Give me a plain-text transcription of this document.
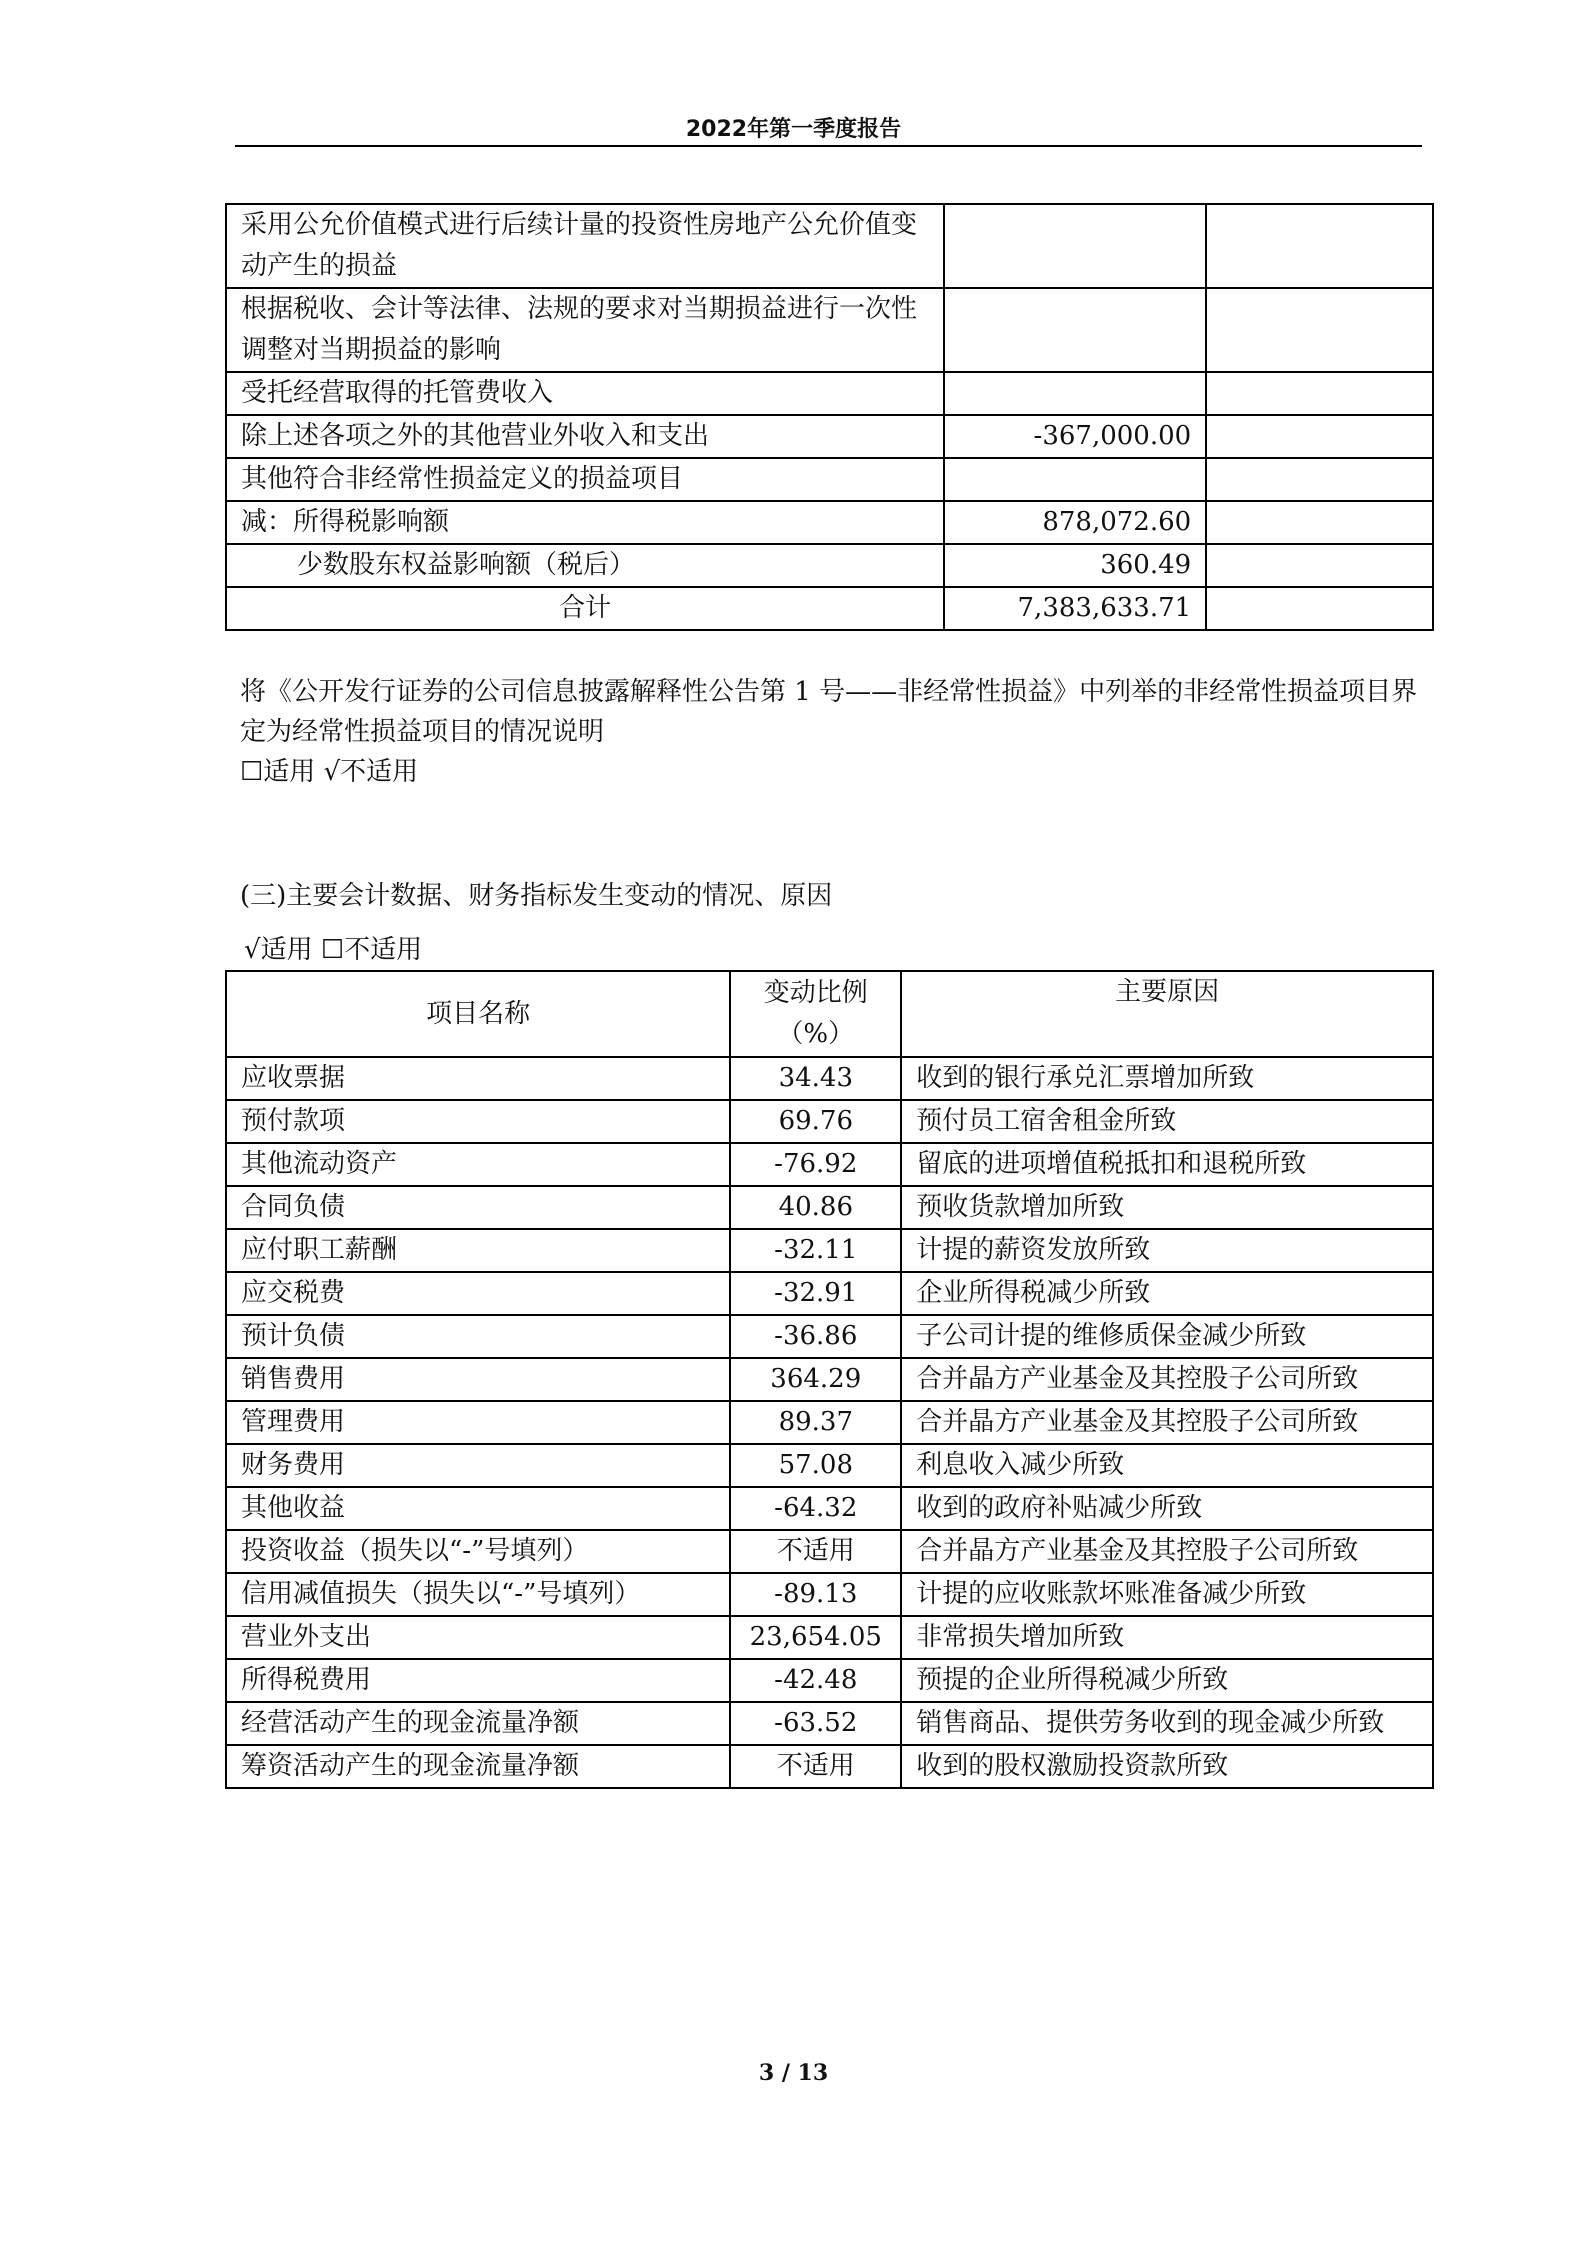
2022年第一季度报告
采用公允价值模式进行后续计量的投资性房地产公允价值变动产生的损益		
根据税收、会计等法律、法规的要求对当期损益进行一次性调整对当期损益的影响		
受托经营取得的托管费收入		
除上述各项之外的其他营业外收入和支出	-367,000.00	
其他符合非经常性损益定义的损益项目		
减：所得税影响额	878,072.60	
少数股东权益影响额（税后）	360.49	
合计	7,383,633.71	
将《公开发行证券的公司信息披露解释性公告第 1 号——非经常性损益》中列举的非经常性损益项目界定为经常性损益项目的情况说明
☐适用 √不适用
(三)主要会计数据、财务指标发生变动的情况、原因
√适用 ☐不适用
项目名称	变动比例（%）	主要原因
应收票据	34.43	收到的银行承兑汇票增加所致
预付款项	69.76	预付员工宿舍租金所致
其他流动资产	-76.92	留底的进项增值税抵扣和退税所致
合同负债	40.86	预收货款增加所致
应付职工薪酬	-32.11	计提的薪资发放所致
应交税费	-32.91	企业所得税减少所致
预计负债	-36.86	子公司计提的维修质保金减少所致
销售费用	364.29	合并晶方产业基金及其控股子公司所致
管理费用	89.37	合并晶方产业基金及其控股子公司所致
财务费用	57.08	利息收入减少所致
其他收益	-64.32	收到的政府补贴减少所致
投资收益（损失以“-”号填列）	不适用	合并晶方产业基金及其控股子公司所致
信用减值损失（损失以“-”号填列）	-89.13	计提的应收账款坏账准备减少所致
营业外支出	23,654.05	非常损失增加所致
所得税费用	-42.48	预提的企业所得税减少所致
经营活动产生的现金流量净额	-63.52	销售商品、提供劳务收到的现金减少所致
筹资活动产生的现金流量净额	不适用	收到的股权激励投资款所致
3 / 13
